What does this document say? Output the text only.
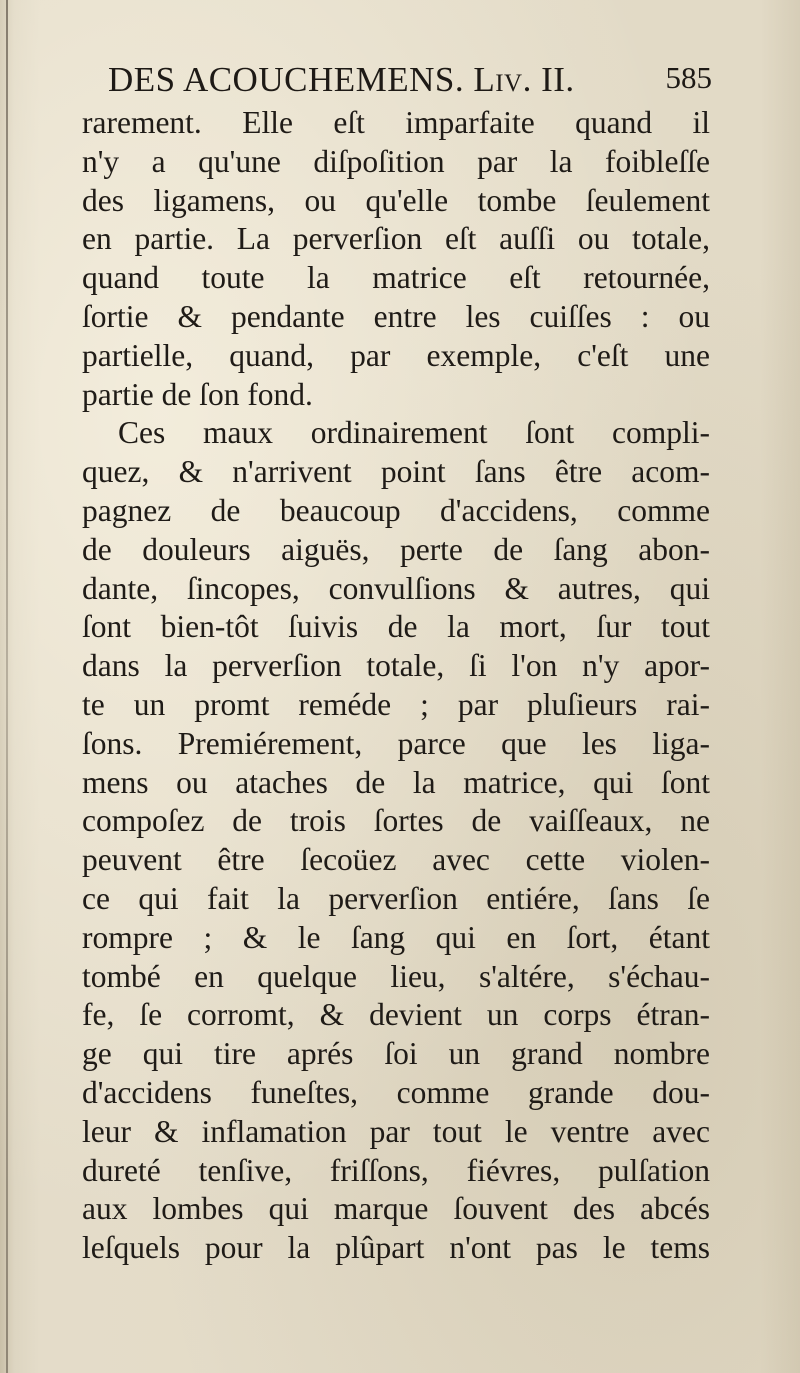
DES ACOUCHEMENS. Liv. II.	585
rarement. Elle eſt imparfaite quand il
n'y a qu'une diſpoſition par la foibleſſe
des ligamens, ou qu'elle tombe ſeulement
en partie. La perverſion eſt auſſi ou totale,
quand toute la matrice eſt retournée,
ſortie & pendante entre les cuiſſes : ou
partielle, quand, par exemple, c'eſt une
partie de ſon fond.
Ces maux ordinairement ſont compli-
quez, & n'arrivent point ſans être acom-
pagnez de beaucoup d'accidens, comme
de douleurs aiguës, perte de ſang abon-
dante, ſincopes, convulſions & autres, qui
ſont bien-tôt ſuivis de la mort, ſur tout
dans la perverſion totale, ſi l'on n'y apor-
te un promt reméde ; par pluſieurs rai-
ſons. Premiérement, parce que les liga-
mens ou ataches de la matrice, qui ſont
compoſez de trois ſortes de vaiſſeaux, ne
peuvent être ſecoüez avec cette violen-
ce qui fait la perverſion entiére, ſans ſe
rompre ; & le ſang qui en ſort, étant
tombé en quelque lieu, s'altére, s'échau-
fe, ſe corromt, & devient un corps étran-
ge qui tire aprés ſoi un grand nombre
d'accidens funeſtes, comme grande dou-
leur & inflamation par tout le ventre avec
dureté tenſive, friſſons, fiévres, pulſation
aux lombes qui marque ſouvent des abcés
leſquels pour la plûpart n'ont pas le tems
